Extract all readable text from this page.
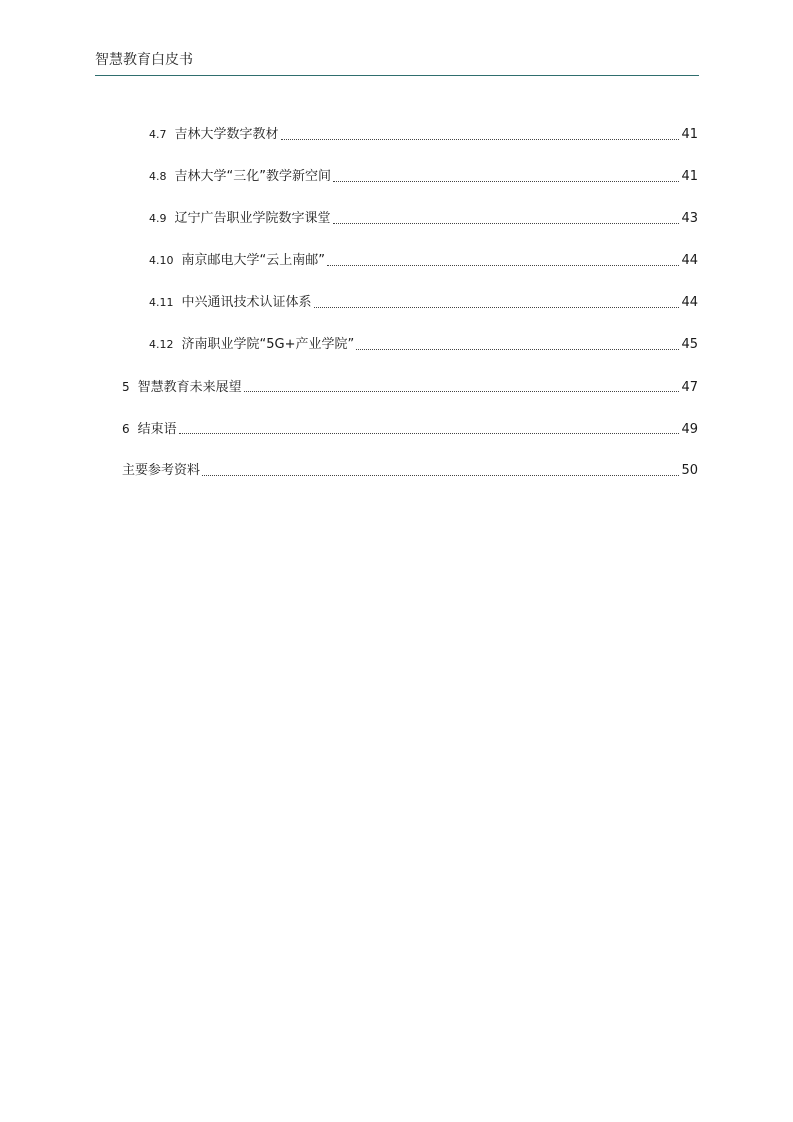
智慧教育白皮书
4.7 吉林大学数字教材	41
4.8 吉林大学“三化”教学新空间	41
4.9 辽宁广告职业学院数字课堂	43
4.10 南京邮电大学“云上南邮”	44
4.11 中兴通讯技术认证体系	44
4.12 济南职业学院“5G+产业学院”	45
5 智慧教育未来展望	47
6 结束语	49
主要参考资料	50
